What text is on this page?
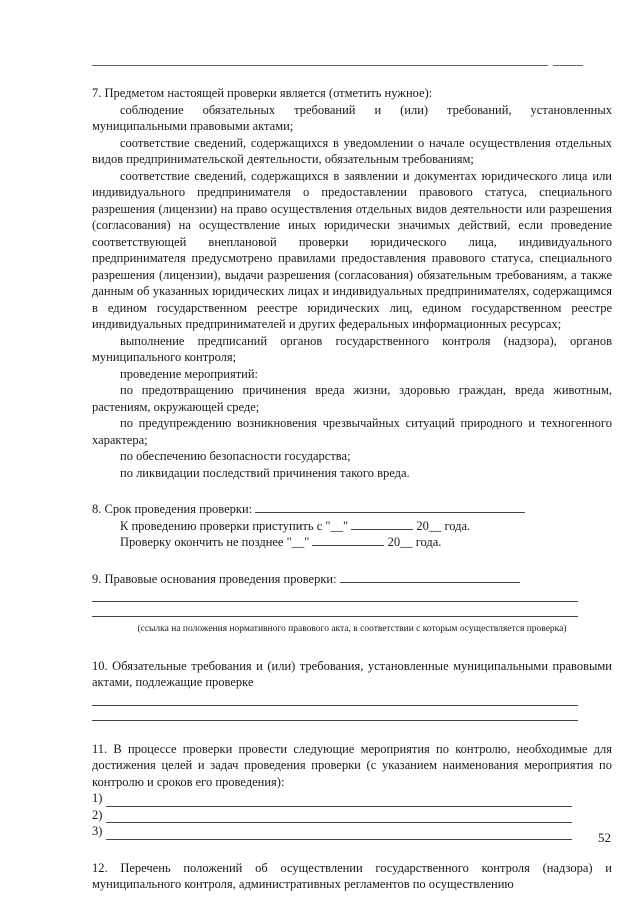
7. Предметом настоящей проверки является (отметить нужное):

соблюдение обязательных требований и (или) требований, установленных муниципальными правовыми актами;

соответствие сведений, содержащихся в уведомлении о начале осуществления отдельных видов предпринимательской деятельности, обязательным требованиям;

соответствие сведений, содержащихся в заявлении и документах юридического лица или индивидуального предпринимателя о предоставлении правового статуса, специального разрешения (лицензии) на право осуществления отдельных видов деятельности или разрешения (согласования) на осуществление иных юридически значимых действий, если проведение соответствующей внеплановой проверки юридического лица, индивидуального предпринимателя предусмотрено правилами предоставления правового статуса, специального разрешения (лицензии), выдачи разрешения (согласования) обязательным требованиям, а также данным об указанных юридических лицах и индивидуальных предпринимателях, содержащимся в едином государственном реестре юридических лиц, едином государственном реестре индивидуальных предпринимателей и других федеральных информационных ресурсах;

выполнение предписаний органов государственного контроля (надзора), органов муниципального контроля;

проведение мероприятий:

по предотвращению причинения вреда жизни, здоровью граждан, вреда животным, растениям, окружающей среде;

по предупреждению возникновения чрезвычайных ситуаций природного и техногенного характера;

по обеспечению безопасности государства;

по ликвидации последствий причинения такого вреда.

8. Срок проведения проверки:
К проведению проверки приступить с "__"	20__ года.
Проверку окончить не позднее "__"	20__ года.
9. Правовые основания проведения проверки:
(ссылка на положения нормативного правового акта, в соответствии с которым осуществляется проверка)

10. Обязательные требования и (или) требования, установленные муниципальными правовыми актами, подлежащие проверке

11. В процессе проверки провести следующие мероприятия по контролю, необходимые для достижения целей и задач проведения проверки (с указанием наименования мероприятия по контролю и сроков его проведения):

1)
2)
3)

12. Перечень положений об осуществлении государственного контроля (надзора) и муниципального контроля, административных регламентов по осуществлению

52
